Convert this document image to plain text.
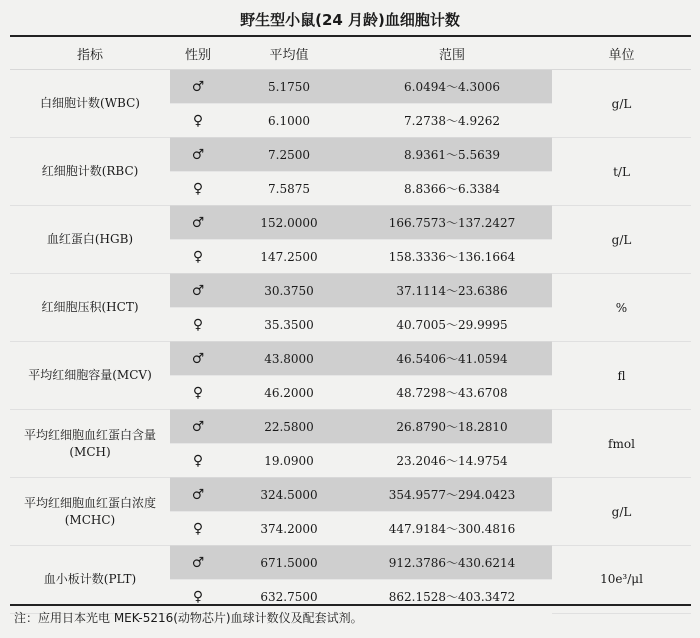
野生型小鼠(24 月龄)血细胞计数
指标	性别	平均值	范围	单位
白细胞计数(WBC)	♂	5.1750	6.0494～4.3006	g/L
	♀	6.1000	7.2738～4.9262	
红细胞计数(RBC)	♂	7.2500	8.9361～5.5639	t/L
	♀	7.5875	8.8366～6.3384	
血红蛋白(HGB)	♂	152.0000	166.7573～137.2427	g/L
	♀	147.2500	158.3336～136.1664	
红细胞压积(HCT)	♂	30.3750	37.1114～23.6386	%
	♀	35.3500	40.7005～29.9995	
平均红细胞容量(MCV)	♂	43.8000	46.5406～41.0594	fl
	♀	46.2000	48.7298～43.6708	
平均红细胞血红蛋白含量(MCH)	♂	22.5800	26.8790～18.2810	fmol
	♀	19.0900	23.2046～14.9754	
平均红细胞血红蛋白浓度(MCHC)	♂	324.5000	354.9577～294.0423	g/L
	♀	374.2000	447.9184～300.4816	
血小板计数(PLT)	♂	671.5000	912.3786～430.6214	10e³/μl
	♀	632.7500	862.1528～403.3472	
注：应用日本光电 MEK-5216(动物芯片)血球计数仪及配套试剂。
